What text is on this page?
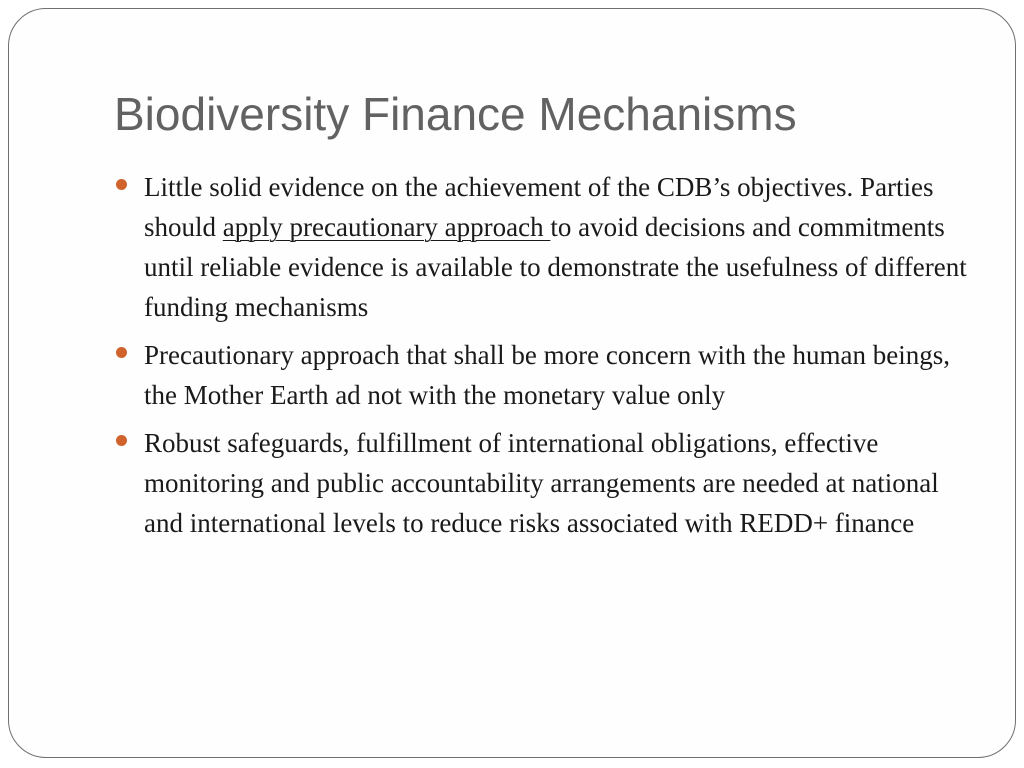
Biodiversity Finance Mechanisms
Little solid evidence on the achievement of the CDB’s objectives. Parties should apply precautionary approach to avoid decisions and commitments until reliable evidence is available to demonstrate the usefulness of different funding mechanisms
Precautionary approach that shall be more concern with the human beings, the Mother Earth ad not with the monetary value only
Robust safeguards, fulfillment of international obligations, effective monitoring and public accountability arrangements are needed at national and international levels to reduce risks associated with REDD+ finance
